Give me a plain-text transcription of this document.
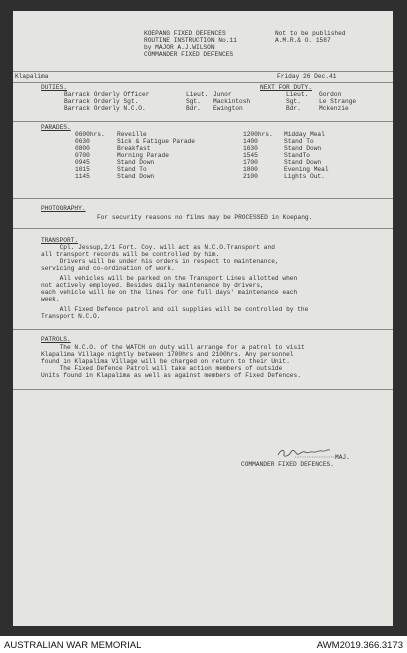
KOEPANG FIXED DEFENCES
ROUTINE INSTRUCTION No.11
by MAJOR A.J.WILSON
COMMANDER FIXED DEFENCES
Not to be published
A.M.R.& O. 1587
Klapalima	Friday 26 Dec.41
DUTIES.	NEXT FOR DUTY.
Barrack Orderly Officer	Lieut. Junor	Lieut. Gordon
Barrack Orderly Sgt.	Sgt. Mackintosh	Sgt.	Le Strange
Barrack Orderly N.C.O.	Bdr. Ewington	Bdr.	Mckenzie
PARADES.
0600hrs. Reveille
0630	Sick & Fatigue Parade
0800	Breakfast
0700	Morning Parade
0945	Stand Down
1015	Stand To
1145	Stand Down
1200hrs. Midday Meal
1400	Stand To
1630	Stand Down
1545	StandTo
1700	Stand Down
1800	Evening Meal
2100	Lights Out.
PHOTOGRAPHY.
For security reasons no films may be PROCESSED in Koepang.
TRANSPORT.
Cpl. Jessup,2/1 Fort. Coy. will act as N.C.O.Transport and
all transport records will be controlled by him.
Drivers will be under his orders in respect to maintenance,
servicing and co-ordination of work.
All vehicles will be parked on the Transport Lines allotted when
not actively employed. Besides daily maintenance by drivers,
each vehicle will be on the lines for one full days' maintenance each
week.
All Fixed Defence patrol and oil supplies will be controlled by the
Transport N.C.O.
PATROLS.
The N.C.O. of the WATCH on duty will arrange for a patrol to visit
Klapalima Village nightly between 1700hrs and 2100hrs. Any personnel
found in Klapalima Village will be charged on return to their Unit.
The Fixed Defence Patrol will take action members of outside
Units found in Klapalima as well as against members of Fixed Defences.
MAJ.
COMMANDER FIXED DEFENCES.
AUSTRALIAN WAR MEMORIAL	AWM2019.366.3173
